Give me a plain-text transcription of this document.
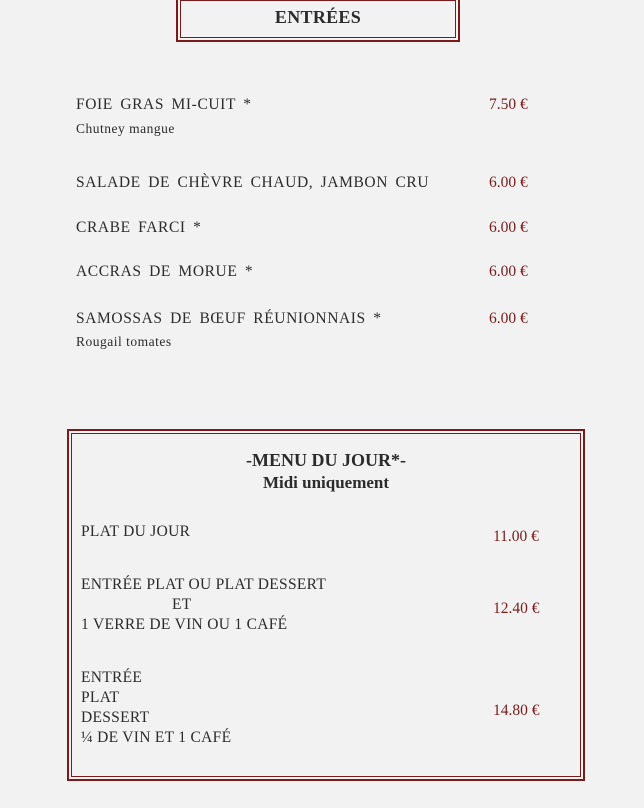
ENTRÉES
FOIE GRAS MI-CUIT *	7.50 €
Chutney mangue
SALADE DE CHÈVRE CHAUD, JAMBON CRU	6.00 €
CRABE FARCI *	6.00 €
ACCRAS DE MORUE *	6.00 €
SAMOSSAS DE BŒUF RÉUNIONNAIS *	6.00 €
Rougail tomates
-MENU DU JOUR*-
Midi uniquement
PLAT DU JOUR	11.00 €
ENTRÉE PLAT OU PLAT DESSERT
ET
1 VERRE DE VIN OU 1 CAFÉ
12.40 €
ENTRÉE
PLAT
DESSERT
¼ DE VIN ET 1 CAFÉ
14.80 €
